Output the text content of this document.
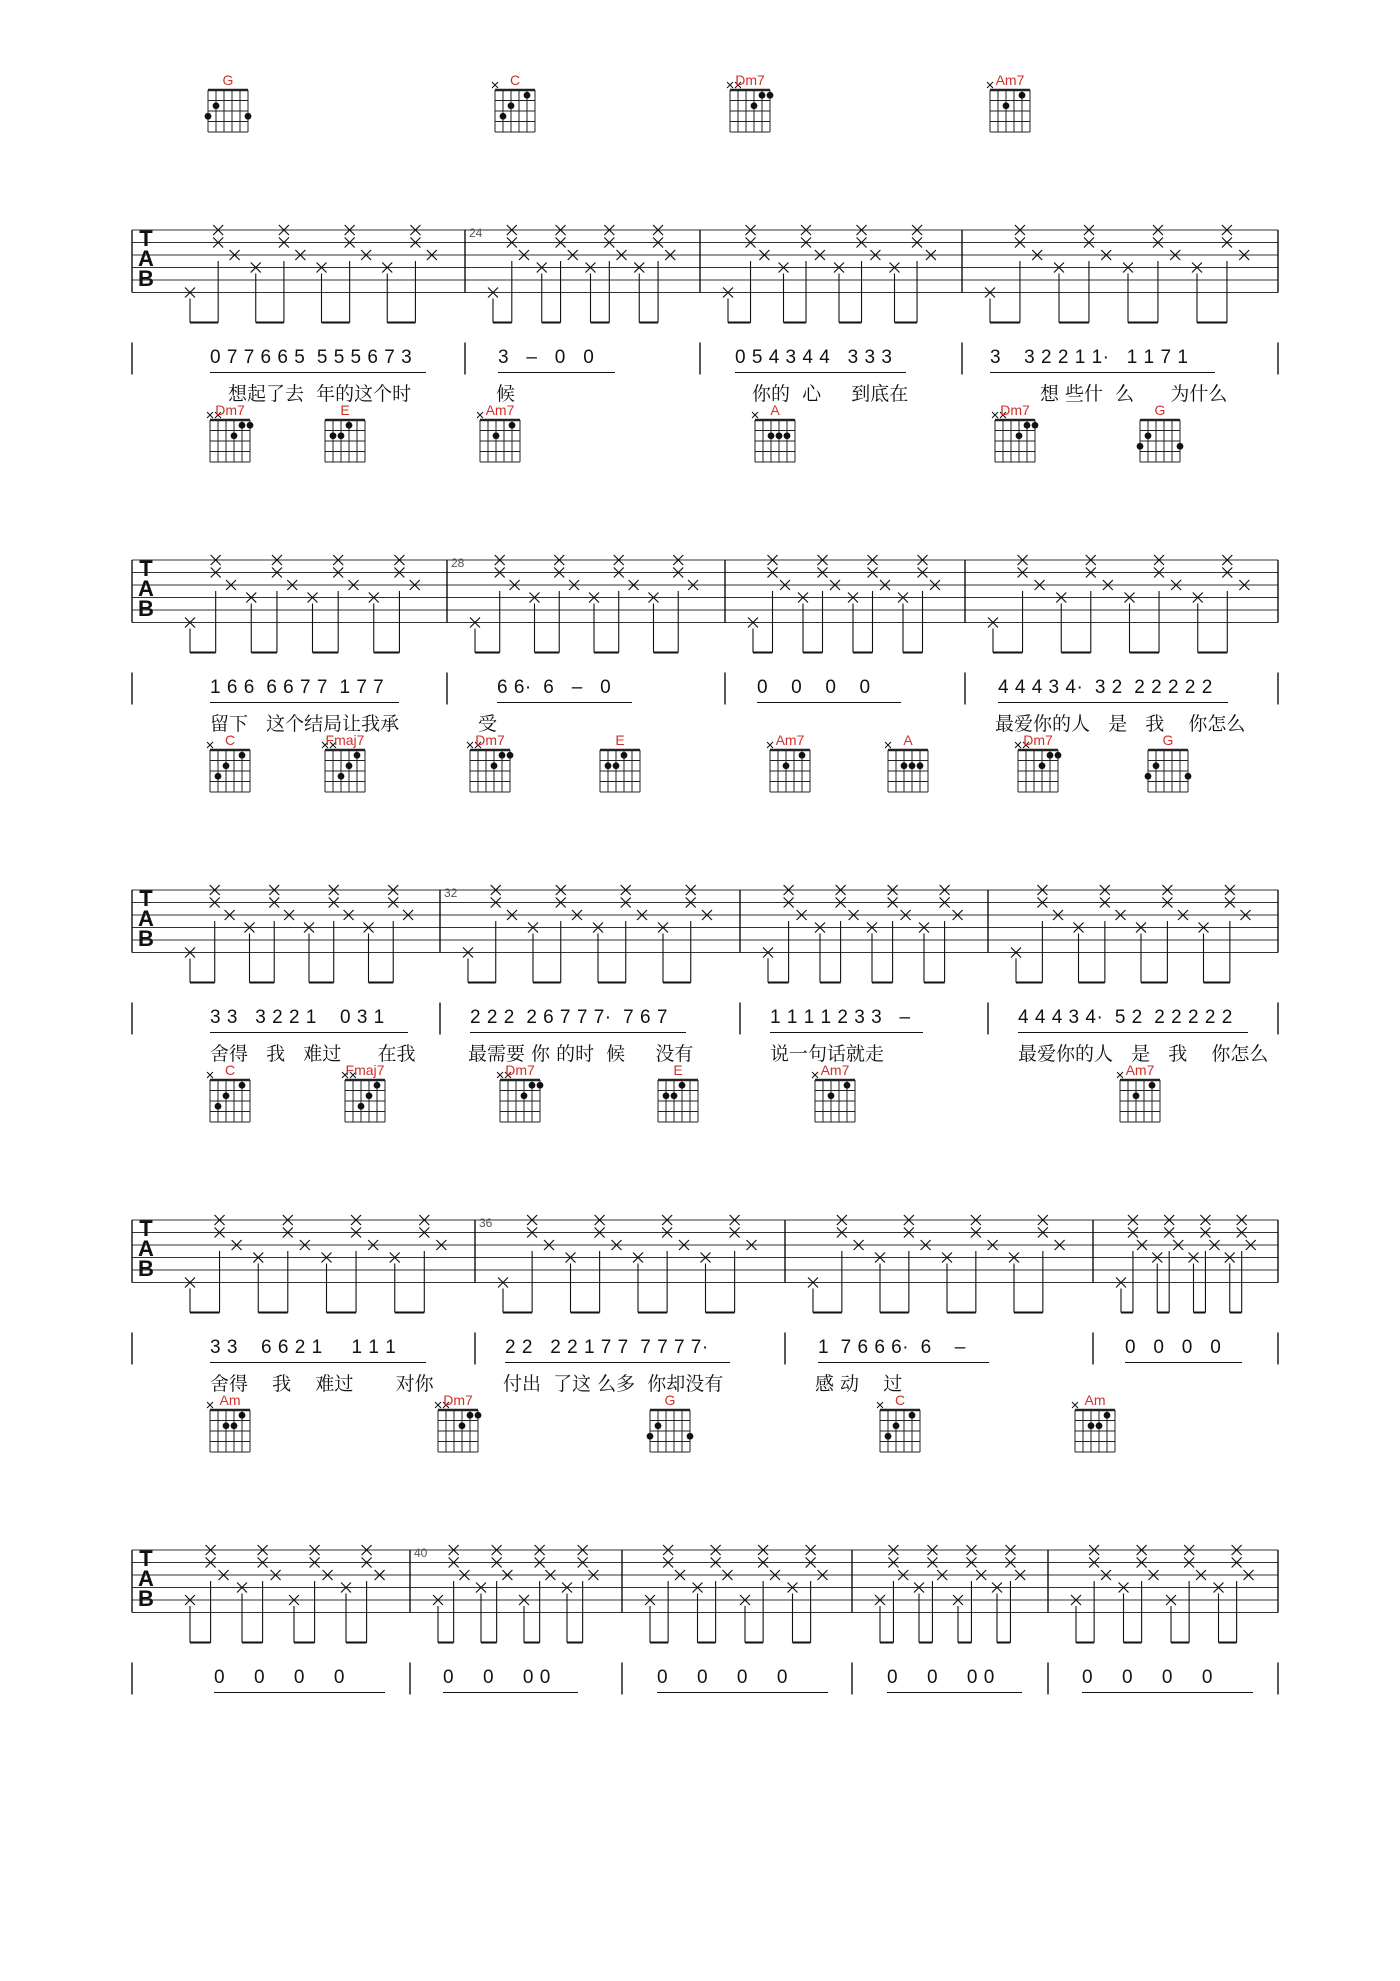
T
A
B
T
A
B
T
A
B
T
A
B
T
A
B
G	C	Dm7	Am7
24
0 7 7 6 6 5  5 5 5 6 7 3	3   –   0   0	0 5 4 3 4 4   3 3 3	3    3 2 2 1 1·   1 1 7 1
想起了去  年的这个时	候	你的  心     到底在	想 些什  么      为什么
Dm7	E	Am7	A	Dm7	G
28
1 6 6  6 6 7 7  1 7 7	6 6·  6   –   0	0    0    0    0	4 4 4 3 4·  3 2  2 2 2 2 2
留下   这个结局让我承	受	最爱你的人   是   我    你怎么
C	Fmaj7	Dm7	E	Am7	A	Dm7	G
32
3 3   3 2 2 1    0 3 1	2 2 2  2 6 7 7 7·  7 6 7	1 1 1 1 2 3 3   –	4 4 4 3 4·  5 2  2 2 2 2 2
舍得   我   难过      在我	最需要 你 的时  候     没有	说一句话就走	最爱你的人   是   我    你怎么
C	Fmaj7	Dm7	E	Am7	Am7
36
3 3    6 6 2 1     1 1 1	2 2   2 2 1 7 7  7 7 7 7·	1  7 6 6 6·  6    –	0   0   0   0
舍得    我    难过       对你	付出  了这 么多  你却没有	感 动    过
Am	Dm7	G	C	Am
40
0     0     0     0	0     0     0 0	0     0     0     0	0     0     0 0	0     0     0     0
